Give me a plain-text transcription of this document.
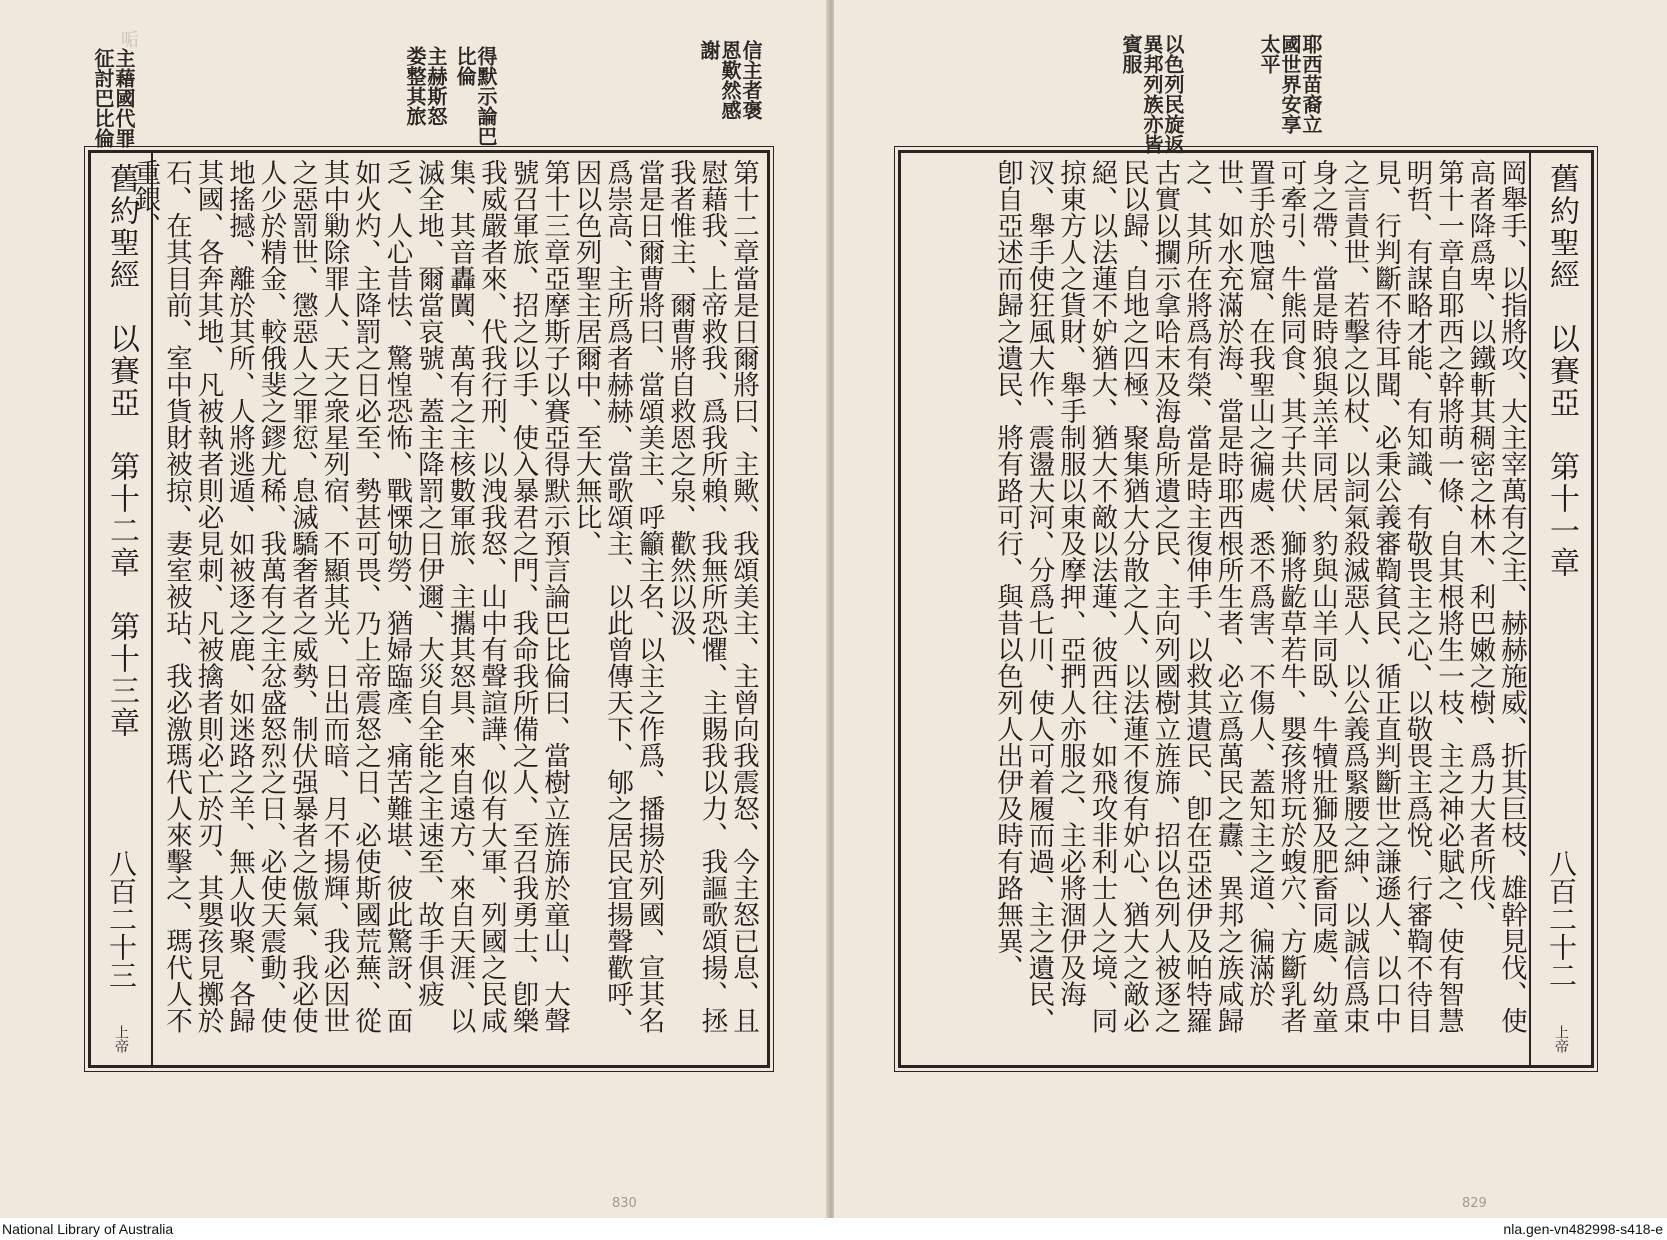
㖃
主藉國代罪征討巴比倫	主赫斯怒娄整其旅	得默示論巴比倫	信主者褒恩歎然感謝
舊約聖經　以賽亞　第十二章　第十三章
八百二十三
上帝

第十二章當是日爾將曰、主歟、我頌美主、主曾向我震怒、今主怒已息、且慰藉我、上帝救我、爲我所賴、我無所恐懼、主賜我以力、我謳歌頌揚、拯我者惟主、爾曹將自救恩之泉、歡然以汲、

當是日爾曹將曰、當頌美主、呼籲主名、以主之作爲、播揚於列國、宣其名爲崇高、主所爲者赫赫、當歌頌主、以此曾傳天下、郇之居民宜揚聲歡呼、因以色列聖主居爾中、至大無比、

第十三章亞摩斯子以賽亞得默示預言論巴比倫曰、當樹立旌旆於童山、大聲號召軍旅、招之以手、使入暴君之門、我命我所備之人、至召我勇士、卽樂我威嚴者來、代我行刑、以洩我怒、山中有聲諠譁、似有大軍、列國之民咸集、其音轟闐、萬有之主核數軍旅、主攜其怒具、來自遠方、來自天涯、以滅全地、爾當哀號、蓋主降罰之日伊邇、大災自全能之主速至、故手俱疲乏、人心昔怯、驚惶恐怖、戰慄劬勞、猶婦臨產、痛苦難堪、彼此驚訝、面如火灼、主降罰之日必至、勢甚可畏、乃上帝震怒之日、必使斯國荒蕪、從其中勦除罪人、天之衆星列宿、不顯其光、日出而暗、月不揚輝、我必因世之惡罰世、懲惡人之罪愆、息滅驕奢者之威勢、制伏强暴者之傲氣、我必使人少於精金、較俄斐之鏐尤稀、我萬有之主忿盛怒烈之日、必使天震動、使地搖撼、離於其所、人將逃遁、如被逐之鹿、如迷路之羊、無人收聚、各歸其國、各奔其地、凡被執者則必見刺、凡被擒者則必亡於刃、其嬰孩見擲於石、在其目前、室中貨財被掠、妻室被玷、我必激瑪代人來擊之、瑪代人不重銀、

830
以色列民旋返異邦列族亦皆賓服	耶西苗裔立國世界安享太平
舊約聖經　以賽亞　第十一章
八百二十二
上帝

岡舉手、以指將攻、大主宰萬有之主、赫赫施威、折其巨枝、雄幹見伐、使高者降爲卑、以鐵斬其稠密之林木、利巴嫩之樹、爲力大者所伐、

第十一章自耶西之幹將萌一條、自其根將生一枝、主之神必賦之、使有智慧明哲、有謀略才能、有知識、有敬畏主之心、以敬畏主爲悅、行審鞫不待目見、行判斷不待耳聞、必秉公義審鞫貧民、循正直判斷世之謙遜人、以口中之言責世、若擊之以杖、以詞氣殺滅惡人、以公義爲緊腰之紳、以誠信爲束身之帶、當是時狼與羔羊同居、豹與山羊同臥、牛犢壯獅及肥畜同處、幼童可牽引、牛熊同食、其子共伏、獅將齕草若牛、嬰孩將玩於蝮穴、方斷乳者置手於虺窟、在我聖山之徧處、悉不爲害、不傷人、蓋知主之道、徧滿於世、如水充滿於海、當是時耶西根所生者、必立爲萬民之纛、異邦之族咸歸之、其所在將爲有榮、當是時主復伸手、以救其遺民、卽在亞述伊及帕特羅古實以攔示拿哈末及海島所遺之民、主向列國樹立旌旆、招以色列人被逐之民以歸、自地之四極、聚集猶大分散之人、以法蓮不復有妒心、猶大之敵必絕、以法蓮不妒猶大、猶大不敵以法蓮、彼西往、如飛攻非利士人之境、同掠東方人之貨財、舉手制服以東及摩押、亞捫人亦服之、主必將涸伊及海汊、舉手使狂風大作、震盪大河、分爲七川、使人可着履而過、主之遺民、卽自亞述而歸之遺民、將有路可行、與昔以色列人出伊及時有路無異、

829
National Library of Australia	nla.gen-vn482998-s418-e
